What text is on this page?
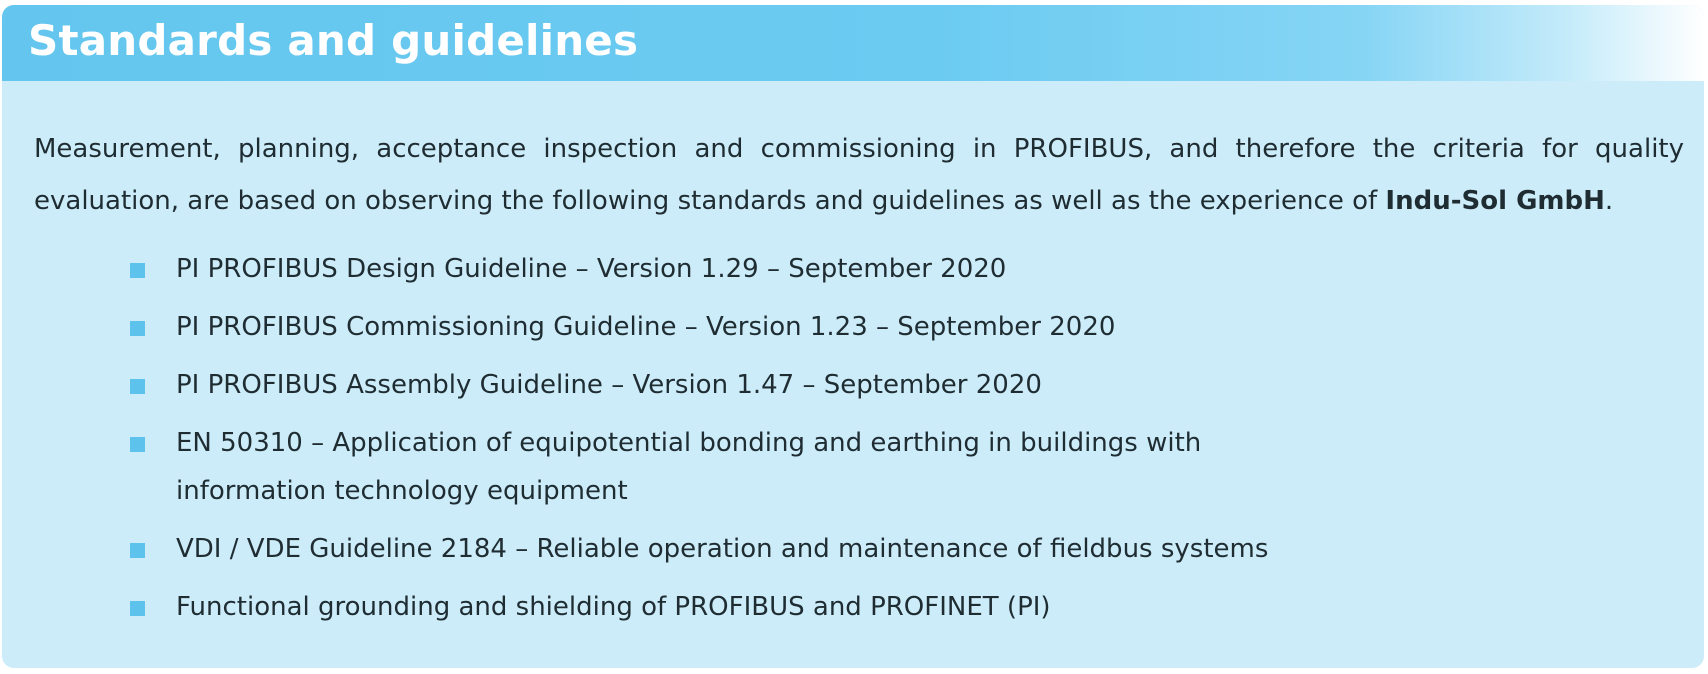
Standards and guidelines

Measurement, planning, acceptance inspection and commissioning in PROFIBUS, and therefore the criteria for quality evaluation, are based on observing the following standards and guidelines as well as the experience of Indu-Sol GmbH.

PI PROFIBUS Design Guideline – Version 1.29 – September 2020
PI PROFIBUS Commissioning Guideline – Version 1.23 – September 2020
PI PROFIBUS Assembly Guideline – Version 1.47 – September 2020
EN 50310 – Application of equipotential bonding and earthing in buildings with information technology equipment
VDI / VDE Guideline 2184 – Reliable operation and maintenance of fieldbus systems
Functional grounding and shielding of PROFIBUS and PROFINET (PI)
